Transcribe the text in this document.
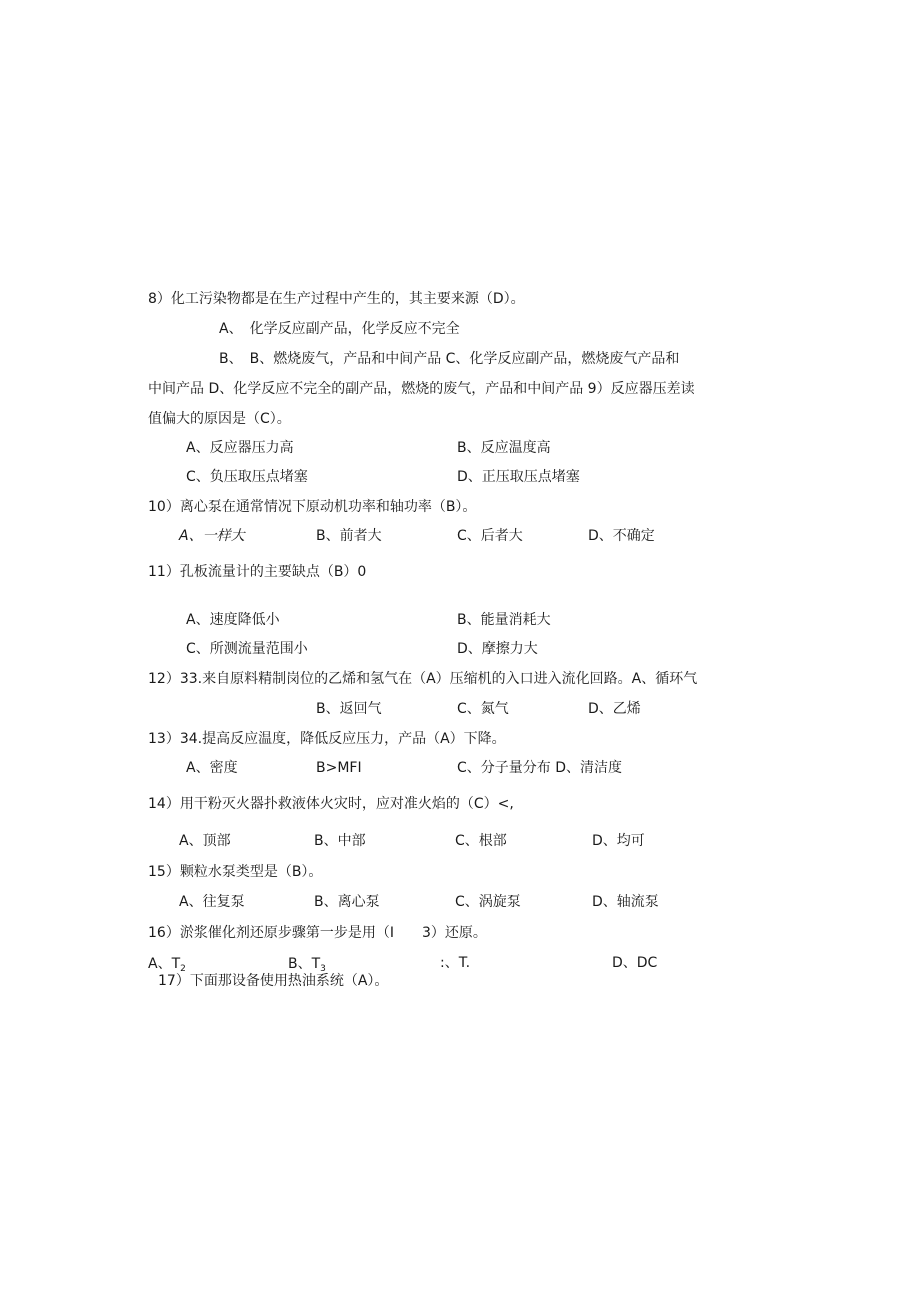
8）化工污染物都是在生产过程中产生的，其主要来源（D）。
A、　化学反应副产品，化学反应不完全
B、　B、燃烧废气，产品和中间产品 C、化学反应副产品，燃烧废气产品和
中间产品 D、化学反应不完全的副产品，燃烧的废气，产品和中间产品 9）反应器压差读
值偏大的原因是（C）。
A、反应器压力高	B、反应温度高
C、负压取压点堵塞	D、正压取压点堵塞
10）离心泵在通常情况下原动机功率和轴功率（B）。
A、一样大	B、前者大	C、后者大	D、不确定
11）孔板流量计的主要缺点（B）0
A、速度降低小	B、能量消耗大
C、所测流量范围小	D、摩擦力大
12）33.来自原料精制岗位的乙烯和氢气在（A）压缩机的入口进入流化回路。A、循环气
B、返回气	C、氮气	D、乙烯
13）34.提高反应温度，降低反应压力，产品（A）下降。
A、密度	B>MFI	C、分子量分布 D、清洁度
14）用干粉灭火器扑救液体火灾时，应对准火焰的（C）<,
A、顶部	B、中部	C、根部	D、均可
15）颗粒水泵类型是（B）。
A、往复泵	B、离心泵	C、涡旋泵	D、轴流泵
16）淤浆催化剂还原步骤第一步是用（I　　3）还原。
A、$T_2$	B、$T_3$	:、T.	D、DC
17）下面那设备使用热油系统（A）。
